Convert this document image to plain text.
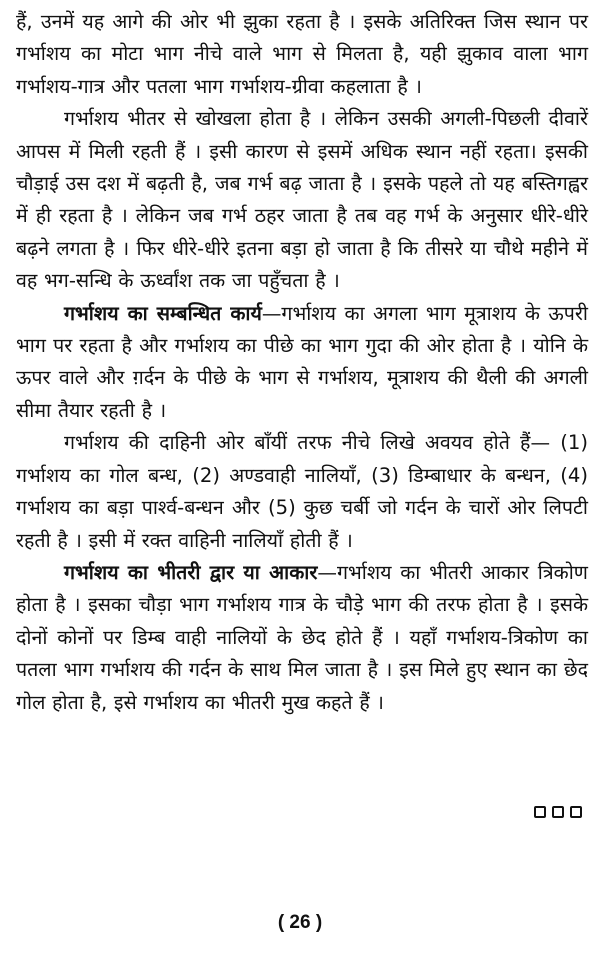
हैं, उनमें यह आगे की ओर भी झुका रहता है । इसके अतिरिक्त जिस स्थान पर गर्भाशय का मोटा भाग नीचे वाले भाग से मिलता है, यही झुकाव वाला भाग गर्भाशय-गात्र और पतला भाग गर्भाशय-ग्रीवा कहलाता है ।

गर्भाशय भीतर से खोखला होता है । लेकिन उसकी अगली-पिछली दीवारें आपस में मिली रहती हैं । इसी कारण से इसमें अधिक स्थान नहीं रहता। इसकी चौड़ाई उस दश में बढ़ती है, जब गर्भ बढ़ जाता है । इसके पहले तो यह बस्तिगह्वर में ही रहता है । लेकिन जब गर्भ ठहर जाता है तब वह गर्भ के अनुसार धीरे-धीरे बढ़ने लगता है । फिर धीरे-धीरे इतना बड़ा हो जाता है कि तीसरे या चौथे महीने में वह भग-सन्धि के ऊर्ध्वांश तक जा पहुँचता है ।

गर्भाशय का सम्बन्धित कार्य—गर्भाशय का अगला भाग मूत्राशय के ऊपरी भाग पर रहता है और गर्भाशय का पीछे का भाग गुदा की ओर होता है । योनि के ऊपर वाले और ग़र्दन के पीछे के भाग से गर्भाशय, मूत्राशय की थैली की अगली सीमा तैयार रहती है ।

गर्भाशय की दाहिनी ओर बाँयीं तरफ नीचे लिखे अवयव होते हैं— (1) गर्भाशय का गोल बन्ध, (2) अण्डवाही नालियाँ, (3) डिम्बाधार के बन्धन, (4) गर्भाशय का बड़ा पार्श्व-बन्धन और (5) कुछ चर्बी जो गर्दन के चारों ओर लिपटी रहती है । इसी में रक्त वाहिनी नालियाँ होती हैं ।

गर्भाशय का भीतरी द्वार या आकार—गर्भाशय का भीतरी आकार त्रिकोण होता है । इसका चौड़ा भाग गर्भाशय गात्र के चौड़े भाग की तरफ होता है । इसके दोनों कोनों पर डिम्ब वाही नालियों के छेद होते हैं । यहाँ गर्भाशय-त्रिकोण का पतला भाग गर्भाशय की गर्दन के साथ मिल जाता है । इस मिले हुए स्थान का छेद गोल होता है, इसे गर्भाशय का भीतरी मुख कहते हैं ।

( 26 )
